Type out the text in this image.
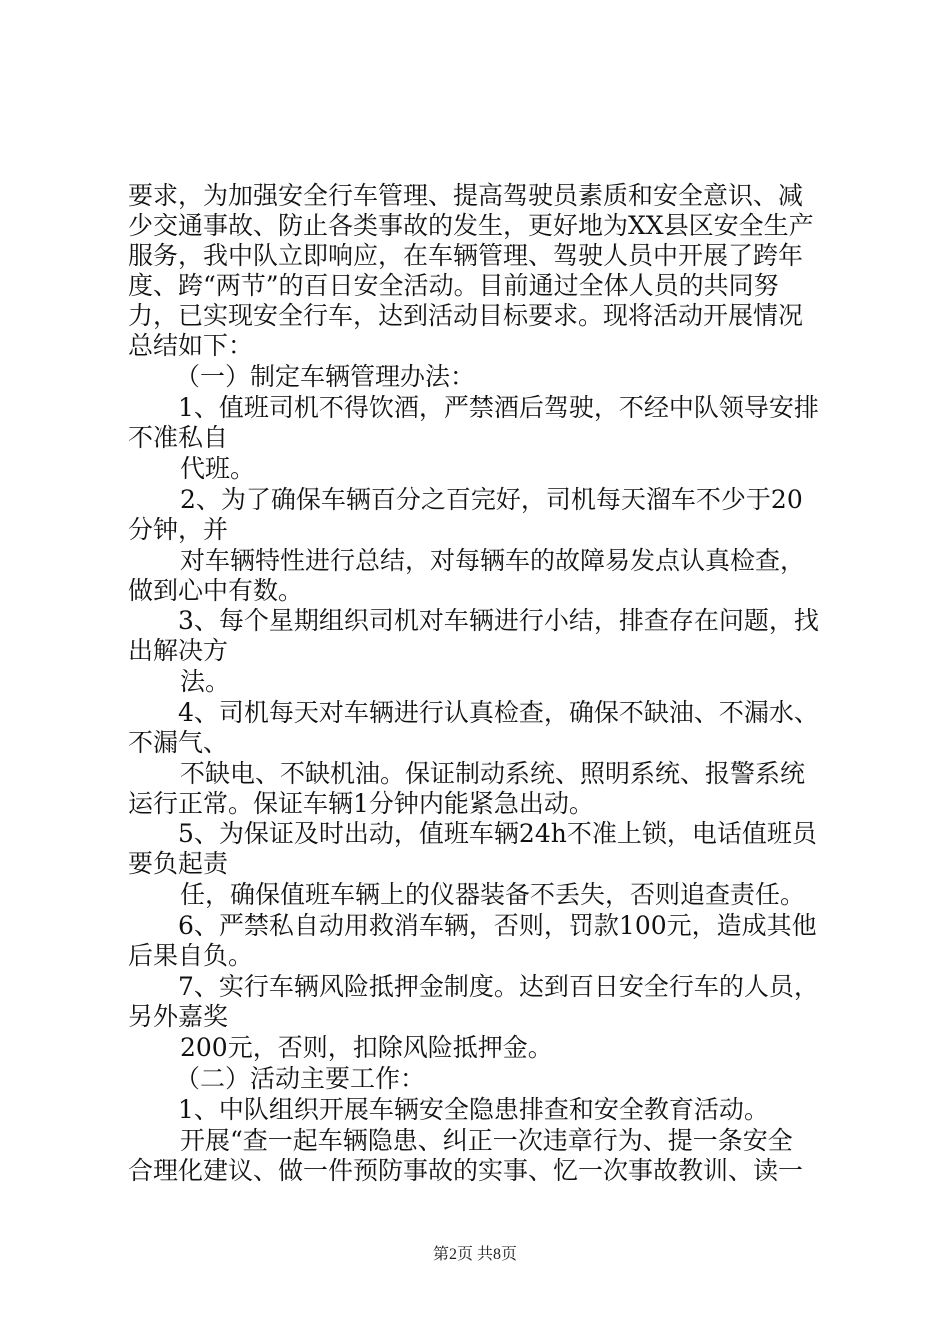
要求，为加强安全行车管理、提高驾驶员素质和安全意识、减

少交通事故、防止各类事故的发生，更好地为XX县区安全生产

服务，我中队立即响应，在车辆管理、驾驶人员中开展了跨年

度、跨“两节”的百日安全活动。目前通过全体人员的共同努

力，已实现安全行车，达到活动目标要求。现将活动开展情况

总结如下：

（一）制定车辆管理办法：

1、值班司机不得饮酒，严禁酒后驾驶，不经中队领导安排

不准私自

代班。

2、为了确保车辆百分之百完好，司机每天溜车不少于20

分钟，并

对车辆特性进行总结，对每辆车的故障易发点认真检查，

做到心中有数。

3、每个星期组织司机对车辆进行小结，排查存在问题，找

出解决方

法。

4、司机每天对车辆进行认真检查，确保不缺油、不漏水、

不漏气、

不缺电、不缺机油。保证制动系统、照明系统、报警系统

运行正常。保证车辆1分钟内能紧急出动。

5、为保证及时出动，值班车辆24h不准上锁，电话值班员

要负起责

任，确保值班车辆上的仪器装备不丢失，否则追查责任。

6、严禁私自动用救消车辆，否则，罚款100元，造成其他

后果自负。

7、实行车辆风险抵押金制度。达到百日安全行车的人员，

另外嘉奖

200元，否则，扣除风险抵押金。

（二）活动主要工作：

1、中队组织开展车辆安全隐患排查和安全教育活动。

开展“查一起车辆隐患、纠正一次违章行为、提一条安全

合理化建议、做一件预防事故的实事、忆一次事故教训、读一

第2页 共8页
